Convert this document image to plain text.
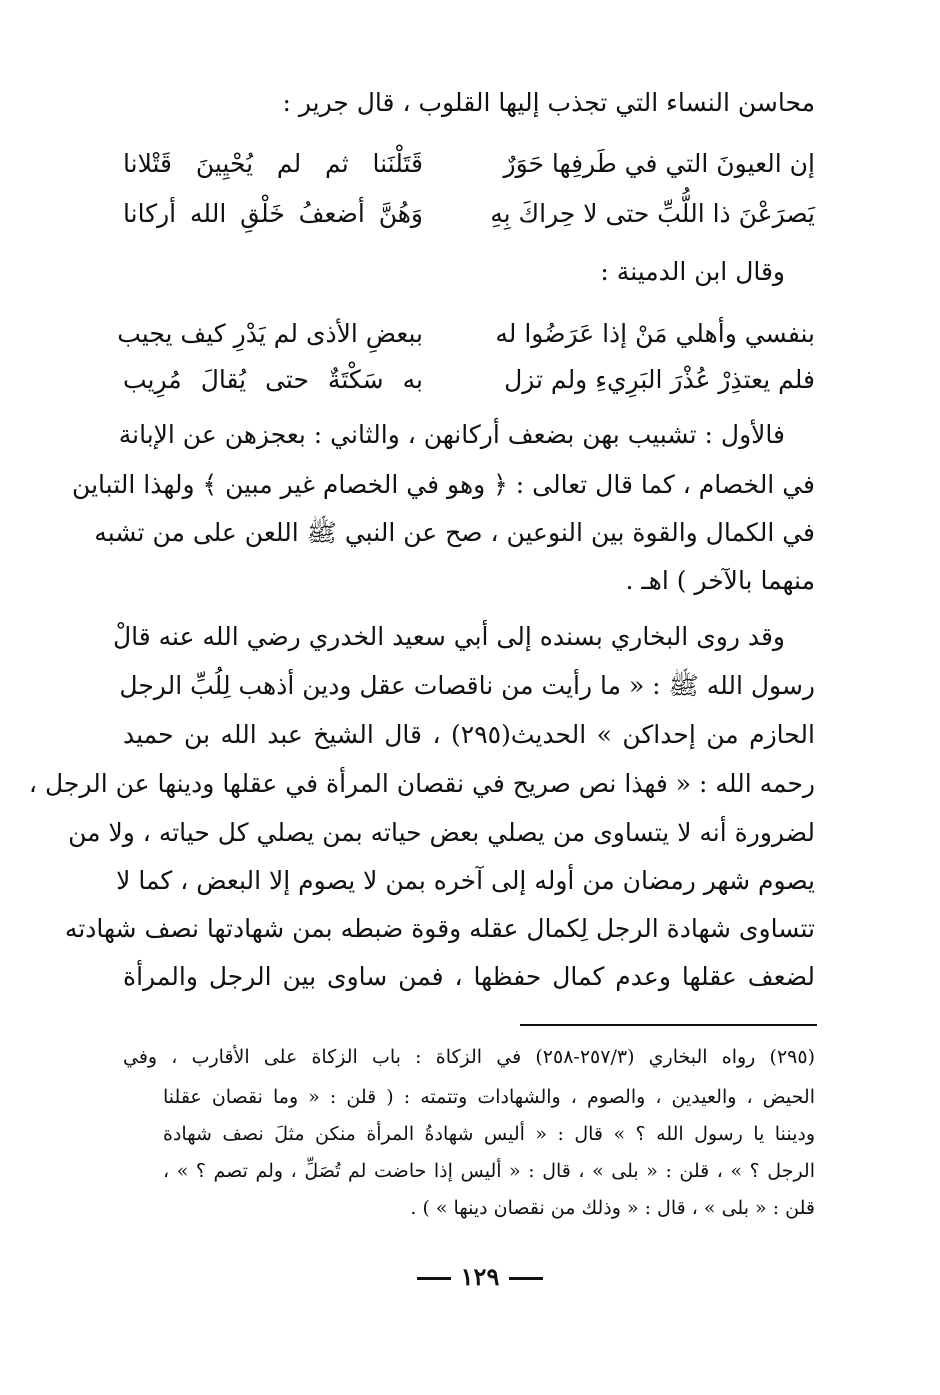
محاسن النساء التي تجذب إليها القلوب ، قال جرير :
إن العيونَ التي في طَرفِها حَوَرٌ
قَتَلْنَنا ثم لم يُحْيِينَ قَتْلانا
يَصرَعْنَ ذا اللُّبِّ حتى لا حِراكَ بِهِ
وَهُنَّ أضعفُ خَلْقِ الله أركانا
وقال ابن الدمينة :
بنفسي وأهلي مَنْ إذا عَرَضُوا له
ببعضِ الأذى لم يَدْرِ كيف يجيب
فلم يعتذِرْ عُذْرَ البَرِيءِ ولم تزل
به سَكْتَةٌ حتى يُقالَ مُرِيب
فالأول : تشبيب بهن بضعف أركانهن ، والثاني : بعجزهن عن الإبانة
في الخصام ، كما قال تعالى : ﴿ وهو في الخصام غير مبين ﴾ ولهذا التباين
في الكمال والقوة بين النوعين ، صح عن النبي ﷺ اللعن على من تشبه
منهما بالآخر ) اهـ .
وقد روى البخاري بسنده إلى أبي سعيد الخدري رضي الله عنه قالْ
رسول الله ﷺ : « ما رأيت من ناقصات عقل ودين أذهب لِلُبِّ الرجل
الحازم من إحداكن » الحديث(٢٩٥) ، قال الشيخ عبد الله بن حميد
رحمه الله : « فهذا نص صريح في نقصان المرأة في عقلها ودينها عن الرجل ،
لضرورة أنه لا يتساوى من يصلي بعض حياته بمن يصلي كل حياته ، ولا من
يصوم شهر رمضان من أوله إلى آخره بمن لا يصوم إلا البعض ، كما لا
تتساوى شهادة الرجل لِكمال عقله وقوة ضبطه بمن شهادتها نصف شهادته
لضعف عقلها وعدم كمال حفظها ، فمن ساوى بين الرجل والمرأة
(٢٩٥) رواه البخاري (٢٥٧/٣-٢٥٨) في الزكاة : باب الزكاة على الأقارب ، وفي
الحيض ، والعيدين ، والصوم ، والشهادات وتتمته : ( قلن : « وما نقصان عقلنا
وديننا يا رسول الله ؟ » قال : « أليس شهادةُ المرأة منكن مثلَ نصف شهادة
الرجل ؟ » ، قلن : « بلى » ، قال : « أليس إذا حاضت لم تُصَلِّ ، ولم تصم ؟ » ،
قلن : « بلى » ، قال : « وذلك من نقصان دينها » ) .
١٢٩
